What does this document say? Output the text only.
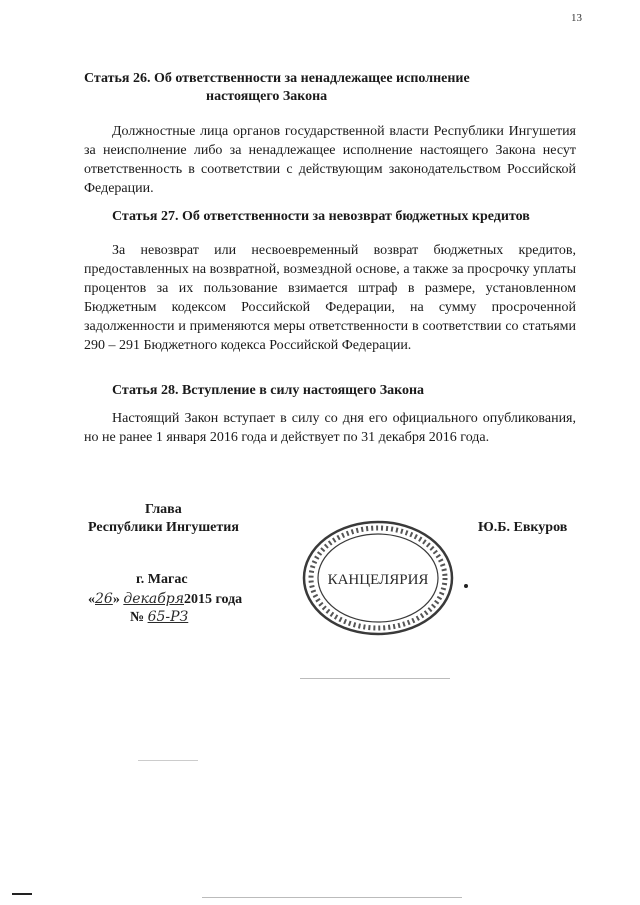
13
Статья 26. Об ответственности за ненадлежащее исполнение
настоящего Закона
Должностные лица органов государственной власти Республики Ингушетия за неисполнение либо за ненадлежащее исполнение настоящего Закона несут ответственность в соответствии с действующим законодательством Российской Федерации.
Статья 27. Об ответственности за невозврат бюджетных кредитов
За невозврат или несвоевременный возврат бюджетных кредитов, предоставленных на возвратной, возмездной основе, а также за просрочку уплаты процентов за их пользование взимается штраф в размере, установленном Бюджетным кодексом Российской Федерации, на сумму просроченной задолженности и применяются меры ответственности в соответствии со статьями 290 – 291 Бюджетного кодекса Российской Федерации.
Статья 28. Вступление в силу настоящего Закона
Настоящий Закон вступает в силу со дня его официального опубликования, но не ранее 1 января 2016 года и действует по 31 декабря 2016 года.
Глава
Республики Ингушетия	Ю.Б. Евкуров
г. Магас
«26» декабря2015 года
№ 65-РЗ
КАНЦЕЛЯРИЯ
